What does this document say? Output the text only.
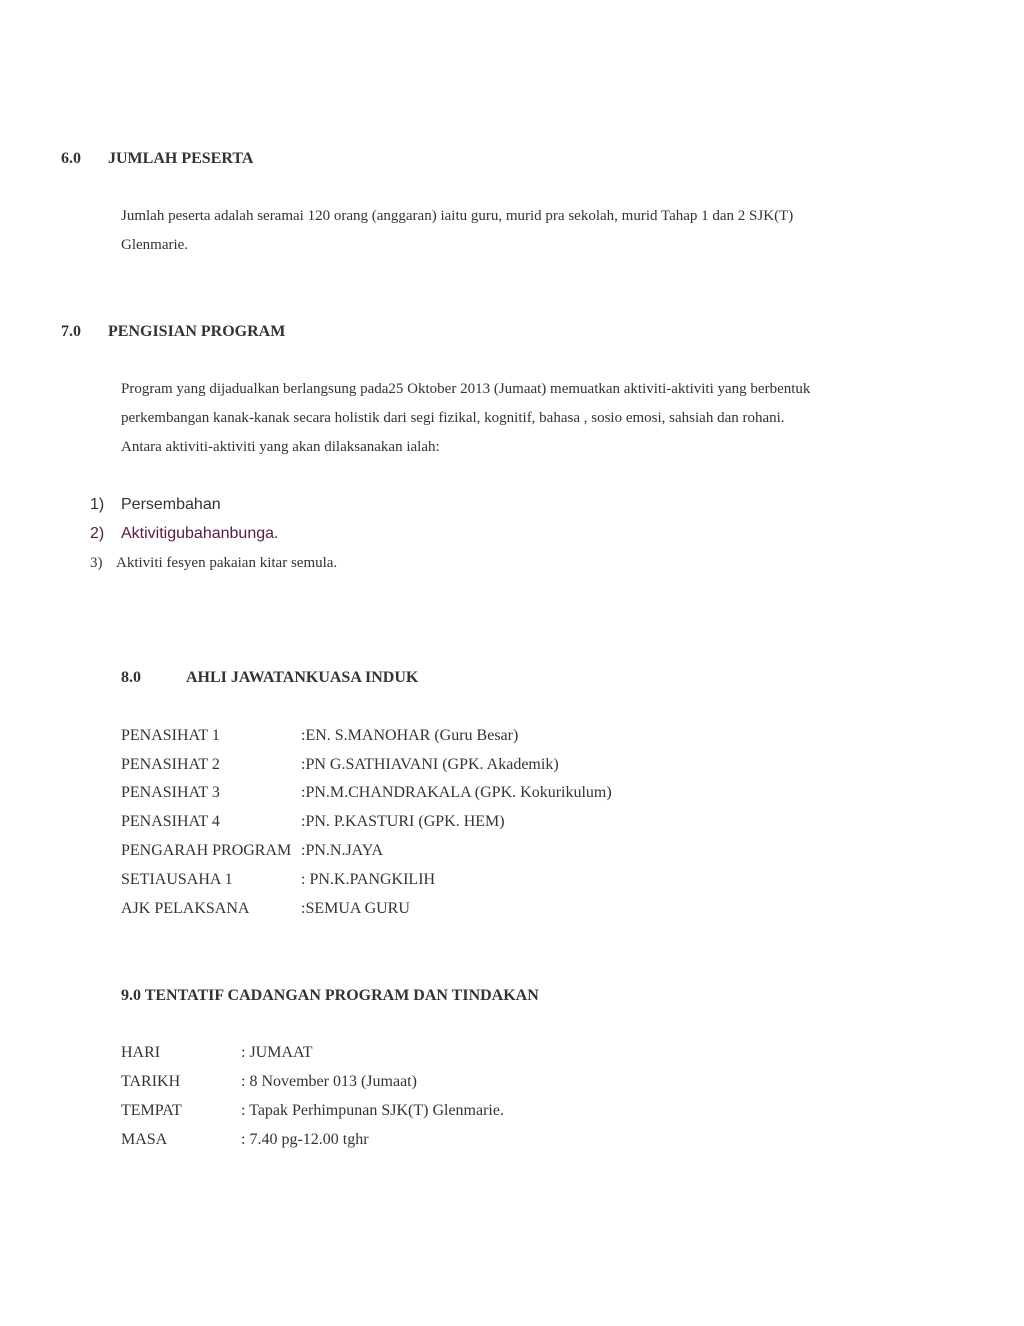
6.0 JUMLAH PESERTA
Jumlah peserta adalah seramai 120 orang (anggaran) iaitu guru, murid pra sekolah, murid Tahap 1 dan 2 SJK(T)
Glenmarie.
7.0 PENGISIAN PROGRAM
Program yang dijadualkan berlangsung pada25 Oktober 2013 (Jumaat) memuatkan aktiviti-aktiviti yang berbentuk
perkembangan kanak-kanak secara holistik dari segi fizikal, kognitif, bahasa , sosio emosi, sahsiah dan rohani.
Antara aktiviti-aktiviti yang akan dilaksanakan ialah:
1) Persembahan
2) Aktivitigubahanbunga.
3) Aktiviti fesyen pakaian kitar semula.
8.0	AHLI JAWATANKUASA INDUK
PENASIHAT 1	:EN. S.MANOHAR (Guru Besar)
PENASIHAT 2	:PN G.SATHIAVANI (GPK. Akademik)
PENASIHAT 3	:PN.M.CHANDRAKALA (GPK. Kokurikulum)
PENASIHAT 4	:PN. P.KASTURI (GPK. HEM)
PENGARAH PROGRAM :PN.N.JAYA
SETIAUSAHA 1	: PN.K.PANGKILIH
AJK PELAKSANA	:SEMUA GURU
9.0 TENTATIF CADANGAN PROGRAM DAN TINDAKAN
HARI	: JUMAAT
TARIKH	: 8 November 013 (Jumaat)
TEMPAT	: Tapak Perhimpunan SJK(T) Glenmarie.
MASA	: 7.40 pg-12.00 tghr
